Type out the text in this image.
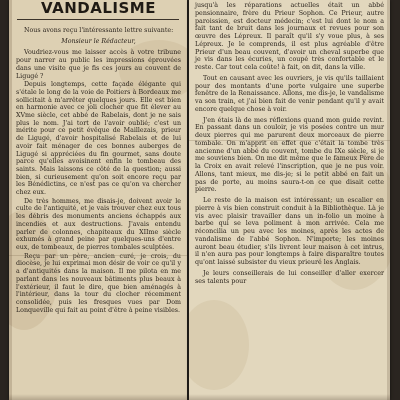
VANDALISME
Nous avons reçu l'intéressante lettre suivante:
Monsieur le Rédacteur,

Voudriez-vous me laisser accès à votre tribune pour narrer au public les impressions éprouvées dans une visite que je fis ces jours au couvent de Ligugé ?

Depuis longtemps, cette façade élégante qui s'étale le long de la voie de Poitiers à Bordeaux me sollicitait à m'arrêter quelques jours. Elle est bien en harmonie avec ce joli clocher que fit élever au XVme siècle, cet abbé de Rabelais, dont je ne sais plus le nom. J'ai tort de l'avoir oublié; c'est un mérite pour ce petit évêque de Maillezais, prieur de Ligugé, d'avoir hospitalisé Rabelais et de lui avoir fait ménager de ces bonnes auberges de Ligugé si appréciées du fin gourmet, sans doute parce qu'elles avoisinent enfin le tombeau des saints. Mais laissons ce côté de la question; aussi bien, si curieusement qu'on soit encore reçu par les Bénédictins, ce n'est pas ce qu'on va chercher chez eux.

De très hommes, me disais-je, doivent avoir le culte de l'antiquité, et je vais trouver chez eux tous les débris des monuments anciens échappés aux incendies et aux destructions. J'avais entendu parler de colonnes, chapiteaux du XIIme siècle exhumés à grand peine par quelques-uns d'entre eux, de tombeaux, de pierres tombales sculptées.

Reçu par un père, ancien curé, je crois, du diocèse, je lui exprimai mon désir de voir ce qu'il y a d'antiquités dans la maison. Il me pilota en me parlant dans les nouveaux bâtiments plus beaux à l'extérieur, il faut le dire, que bien aménagés à l'intérieur, dans la tour du clocher récemment consolidée, puis les fresques vues par Dom Lonqueville qui fait au point d'être à peine visibles.

jusqu'à les réparations actuelles était un abbé pensionnaire, frère du Prieur Sophon. Ce Prieur, autre paroissien, est docteur médecin; c'est lui dont le nom a fait tant de bruit dans les journaux et revues pour son œuvre des Lépreux. Il paraît qu'il s'y voue plus, à ses Lépreux. Je le comprends, il est plus agréable d'être Prieur d'un beau couvent, d'avoir un cheval superbe que je vis dans les écuries, un coupé très confortable et le reste. Car tout cela coûte! à fait, on dit, dans la ville.

Tout en causant avec les ouvriers, je vis qu'ils taillaient pour des montants d'une porte vulgaire une superbe fenêtre de la Renaissance. Allons, me dis-je, le vandalisme va son train, et j'ai bien fait de venir pendant qu'il y avait encore quelque chose à voir.

J'en étais là de mes réflexions quand mon guide revint. En passant dans un couloir, je vis posées contre un mur deux pierres qui me parurent deux morceaux de pierre tombale. On m'apprit en effet que c'était la tombe très ancienne d'un abbé du couvent, tombe du IXe siècle, si je me souviens bien. On me dit même que le fameux Père de la Croix en avait relevé l'inscription, que je ne pus voir. Allons, tant mieux, me dis-je; si le petit abbé en fait un pas de porte, au moins saura-t-on ce que disait cette pierre.

Le reste de la maison est intéressant; un escalier en pierre à vis bien construit conduit à la Bibliothèque. Là je vis avec plaisir travailler dans un in-folio un moine à barbe qui se leva poliment à mon arrivée. Cela me réconcilia un peu avec les moines, après les actes de vandalisme de l'abbé Sophon. N'importe; les moines auront beau étudier, s'ils livrent leur maison à cet intrus, il n'en aura pas pour longtemps à faire disparaître toutes qu'ont laissé subsister du vieux prieuré les Anglais.

Je leurs conseillerais de lui conseiller d'aller exercer ses talents pour
